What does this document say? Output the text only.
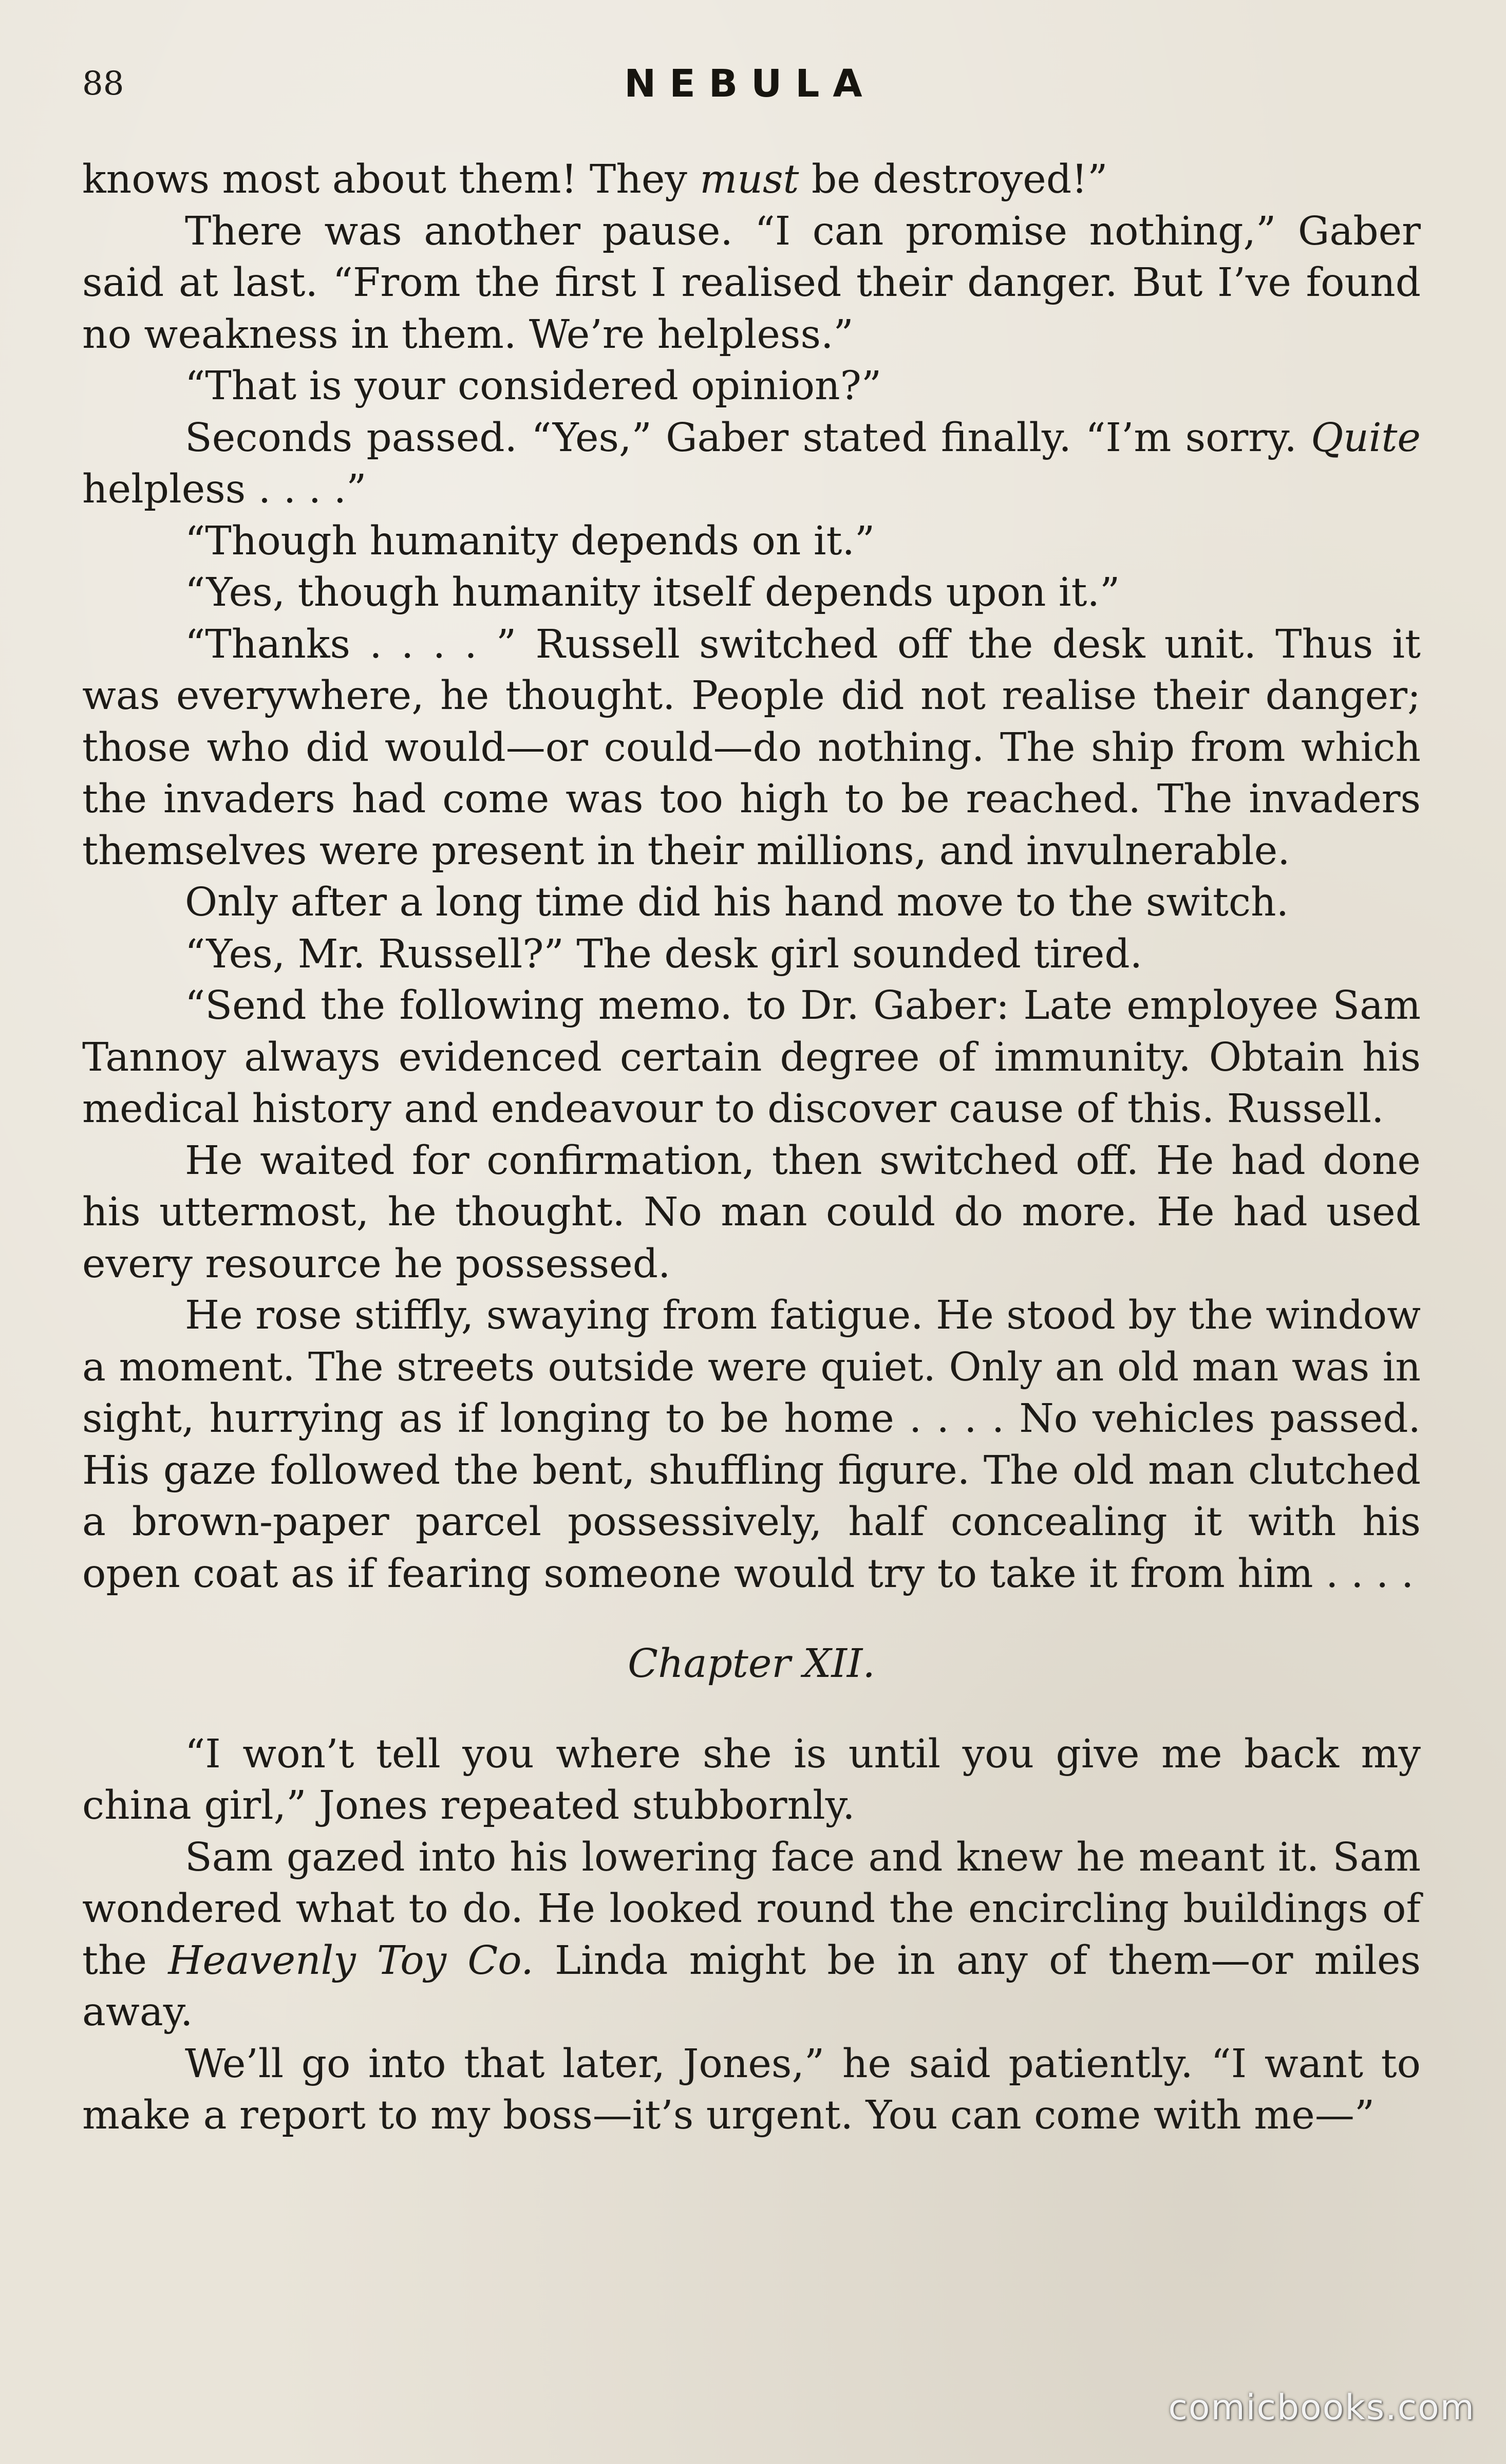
88	NEBULA

knows most about them! They must be destroyed!”

There was another pause. “I can promise nothing,” Gaber said at last. “From the first I realised their danger. But I’ve found no weakness in them. We’re helpless.”

“That is your considered opinion?”

Seconds passed. “Yes,” Gaber stated finally. “I’m sorry. Quite helpless . . . .”

“Though humanity depends on it.”

“Yes, though humanity itself depends upon it.”

“Thanks . . . . ” Russell switched off the desk unit. Thus it was everywhere, he thought. People did not realise their danger; those who did would—or could—do nothing. The ship from which the invaders had come was too high to be reached. The invaders themselves were present in their millions, and invulnerable.

Only after a long time did his hand move to the switch.

“Yes, Mr. Russell?” The desk girl sounded tired.

“Send the following memo. to Dr. Gaber: Late employee Sam Tannoy always evidenced certain degree of immunity. Obtain his medical history and endeavour to discover cause of this. Russell.

He waited for confirmation, then switched off. He had done his uttermost, he thought. No man could do more. He had used every resource he possessed.

He rose stiffly, swaying from fatigue. He stood by the window a moment. The streets outside were quiet. Only an old man was in sight, hurrying as if longing to be home . . . . No vehicles passed. His gaze followed the bent, shuffling figure. The old man clutched a brown-paper parcel possessively, half concealing it with his open coat as if fearing someone would try to take it from him . . . .

Chapter XII.

“I won’t tell you where she is until you give me back my china girl,” Jones repeated stubbornly.

Sam gazed into his lowering face and knew he meant it. Sam wondered what to do. He looked round the encircling buildings of the Heavenly Toy Co. Linda might be in any of them—or miles away.

We’ll go into that later, Jones,” he said patiently. “I want to make a report to my boss—it’s urgent. You can come with me—”

comicbooks.com
